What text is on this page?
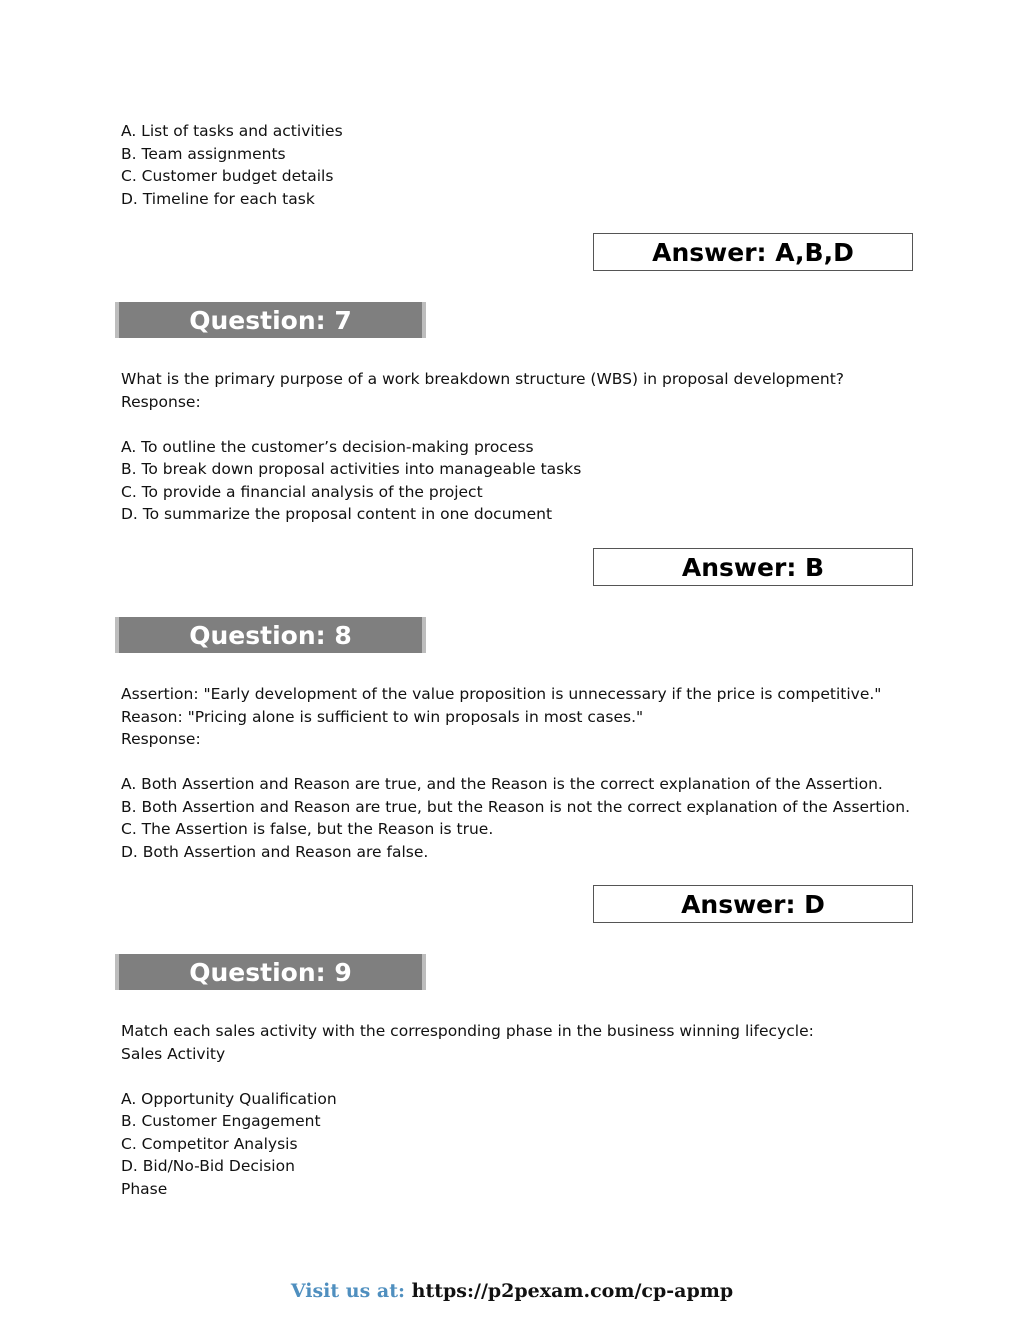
A. List of tasks and activities
B. Team assignments
C. Customer budget details
D. Timeline for each task
Answer: A,B,D
Question: 7
What is the primary purpose of a work breakdown structure (WBS) in proposal development?
Response:
A. To outline the customer’s decision-making process
B. To break down proposal activities into manageable tasks
C. To provide a financial analysis of the project
D. To summarize the proposal content in one document
Answer: B
Question: 8
Assertion: "Early development of the value proposition is unnecessary if the price is competitive."
Reason: "Pricing alone is sufficient to win proposals in most cases."
Response:
A. Both Assertion and Reason are true, and the Reason is the correct explanation of the Assertion.
B. Both Assertion and Reason are true, but the Reason is not the correct explanation of the Assertion.
C. The Assertion is false, but the Reason is true.
D. Both Assertion and Reason are false.
Answer: D
Question: 9
Match each sales activity with the corresponding phase in the business winning lifecycle:
Sales Activity
A. Opportunity Qualification
B. Customer Engagement
C. Competitor Analysis
D. Bid/No-Bid Decision
Phase
Visit us at: https://p2pexam.com/cp-apmp
